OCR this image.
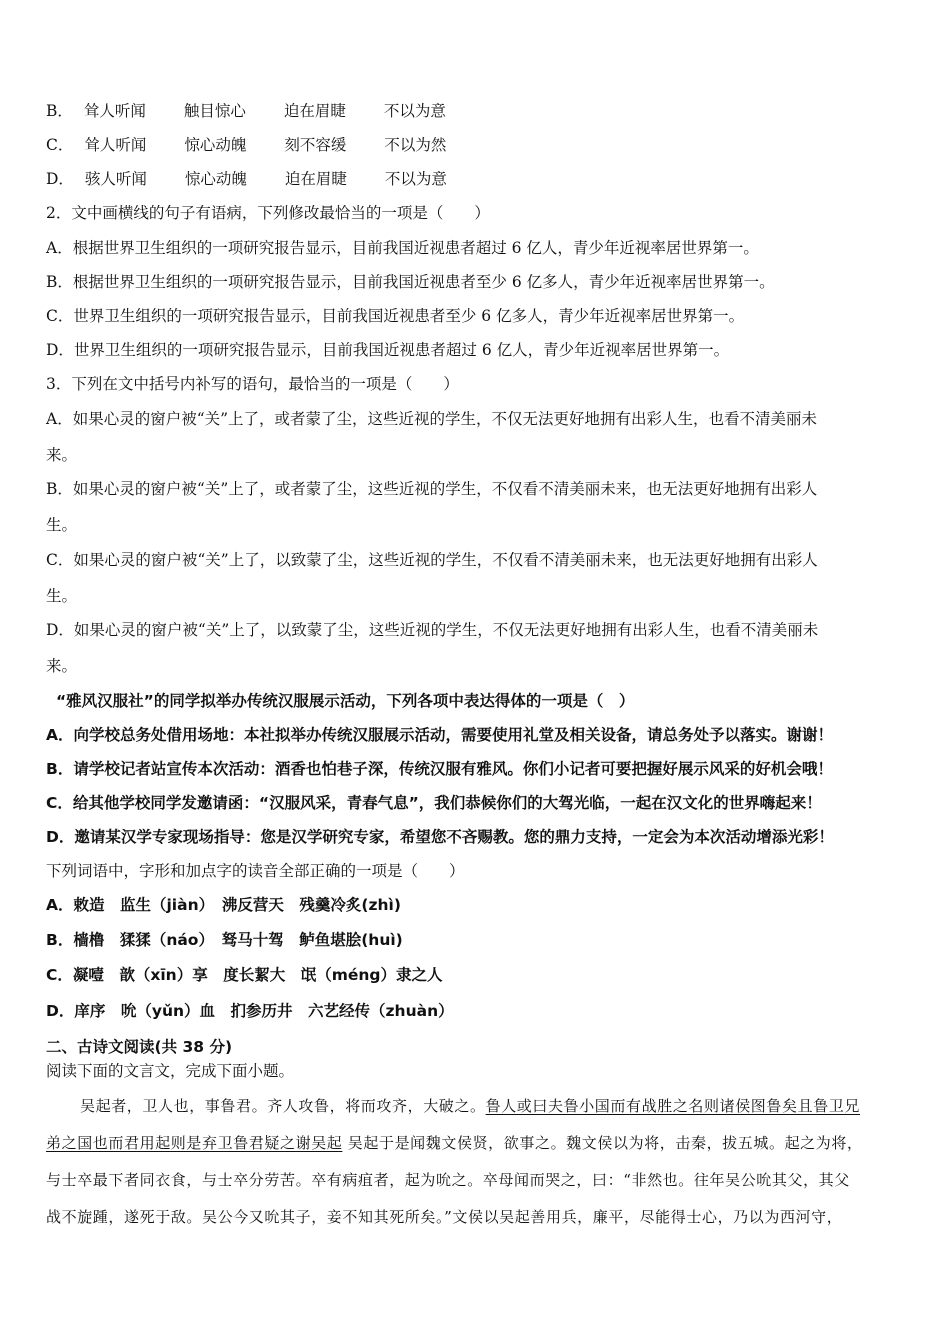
B． 耸人听闻 触目惊心 迫在眉睫 不以为意
C． 耸人听闻 惊心动魄 刻不容缓 不以为然
D． 骇人听闻 惊心动魄 迫在眉睫 不以为意
2．文中画横线的句子有语病，下列修改最恰当的一项是（　　）
A．根据世界卫生组织的一项研究报告显示，目前我国近视患者超过 6 亿人，青少年近视率居世界第一。
B．根据世界卫生组织的一项研究报告显示，目前我国近视患者至少 6 亿多人，青少年近视率居世界第一。
C．世界卫生组织的一项研究报告显示，目前我国近视患者至少 6 亿多人，青少年近视率居世界第一。
D．世界卫生组织的一项研究报告显示，目前我国近视患者超过 6 亿人，青少年近视率居世界第一。
3．下列在文中括号内补写的语句，最恰当的一项是（　　）
A．如果心灵的窗户被“关”上了，或者蒙了尘，这些近视的学生，不仅无法更好地拥有出彩人生，也看不清美丽未
来。
B．如果心灵的窗户被“关”上了，或者蒙了尘，这些近视的学生，不仅看不清美丽未来，也无法更好地拥有出彩人
生。
C．如果心灵的窗户被“关”上了，以致蒙了尘，这些近视的学生，不仅看不清美丽未来，也无法更好地拥有出彩人
生。
D．如果心灵的窗户被“关”上了，以致蒙了尘，这些近视的学生，不仅无法更好地拥有出彩人生，也看不清美丽未
来。
“雅风汉服社”的同学拟举办传统汉服展示活动，下列各项中表达得体的一项是（　）
A．向学校总务处借用场地：本社拟举办传统汉服展示活动，需要使用礼堂及相关设备，请总务处予以落实。谢谢！
B．请学校记者站宣传本次活动：酒香也怕巷子深，传统汉服有雅风。你们小记者可要把握好展示风采的好机会哦！
C．给其他学校同学发邀请函：“汉服风采，青春气息”，我们恭候你们的大驾光临，一起在汉文化的世界嗨起来！
D．邀请某汉学专家现场指导：您是汉学研究专家，希望您不吝赐教。您的鼎力支持，一定会为本次活动增添光彩！
下列词语中，字形和加点字的读音全部正确的一项是（　　）
A．敕造　监生（jiàn）　沸反营天　残羹冷炙(zhì)
B．樯橹　猱猱（náo）　驽马十驾　鲈鱼堪脍(huì)
C．凝噎　歆（xīn）享　度长絜大　氓（méng）隶之人
D．庠序　吮（yǔn）血　扪参历井　六艺经传（zhuàn）
二、古诗文阅读(共 38 分)
阅读下面的文言文，完成下面小题。
吴起者，卫人也，事鲁君。齐人攻鲁，将而攻齐，大破之。鲁人或曰夫鲁小国而有战胜之名则诸侯图鲁矣且鲁卫兄
弟之国也而君用起则是弃卫鲁君疑之谢吴起 吴起于是闻魏文侯贤，欲事之。魏文侯以为将，击秦，拔五城。起之为将，
与士卒最下者同衣食，与士卒分劳苦。卒有病疽者，起为吮之。卒母闻而哭之，曰：“非然也。往年吴公吮其父，其父
战不旋踵，遂死于敌。吴公今又吮其子，妾不知其死所矣。”文侯以吴起善用兵，廉平，尽能得士心，乃以为西河守，
